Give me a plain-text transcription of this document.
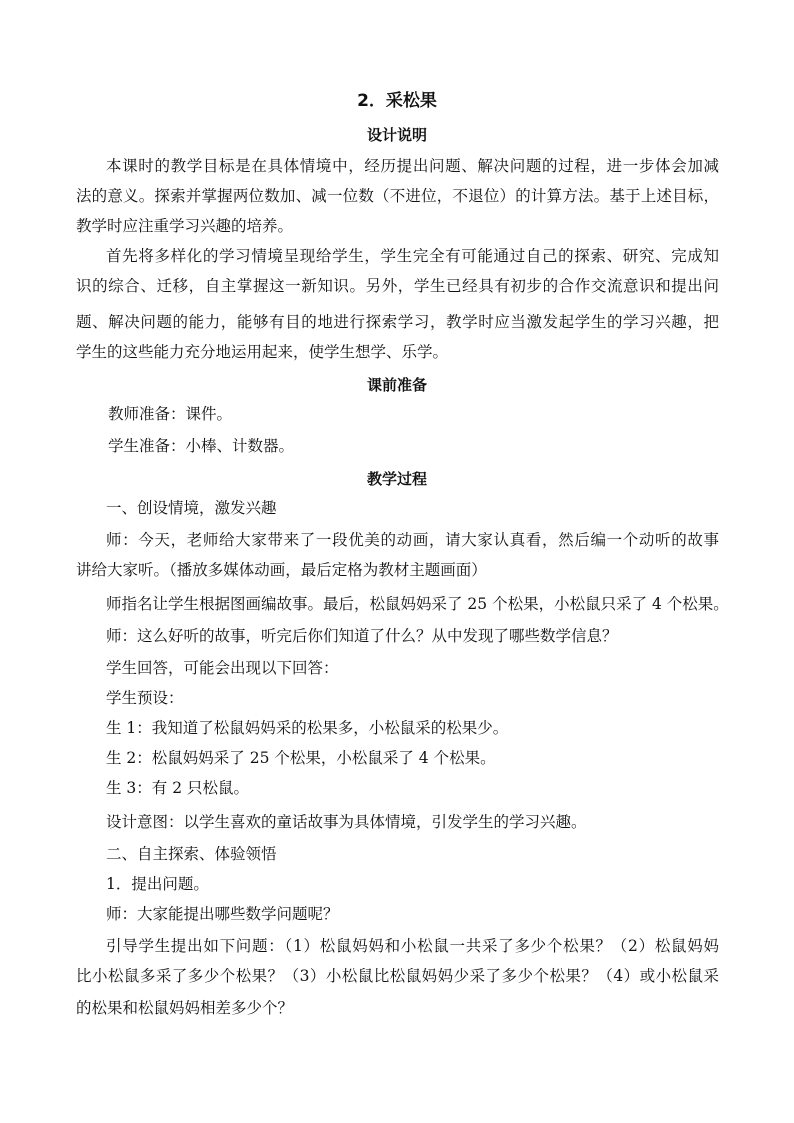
2．采松果
设计说明
本课时的教学目标是在具体情境中，经历提出问题、解决问题的过程，进一步体会加减
法的意义。探索并掌握两位数加、减一位数（不进位，不退位）的计算方法。基于上述目标，
教学时应注重学习兴趣的培养。
首先将多样化的学习情境呈现给学生，学生完全有可能通过自己的探索、研究、完成知
识的综合、迁移，自主掌握这一新知识。另外，学生已经具有初步的合作交流意识和提出问
题、解决问题的能力，能够有目的地进行探索学习，教学时应当激发起学生的学习兴趣，把
学生的这些能力充分地运用起来，使学生想学、乐学。
课前准备
教师准备：课件。
学生准备：小棒、计数器。
教学过程
一、创设情境，激发兴趣
师：今天，老师给大家带来了一段优美的动画，请大家认真看，然后编一个动听的故事
讲给大家听。（播放多媒体动画，最后定格为教材主题画面）
师指名让学生根据图画编故事。最后，松鼠妈妈采了 25 个松果，小松鼠只采了 4 个松果。
师：这么好听的故事，听完后你们知道了什么？从中发现了哪些数学信息？
学生回答，可能会出现以下回答：
学生预设：
生 1：我知道了松鼠妈妈采的松果多，小松鼠采的松果少。
生 2：松鼠妈妈采了 25 个松果，小松鼠采了 4 个松果。
生 3：有 2 只松鼠。
设计意图：以学生喜欢的童话故事为具体情境，引发学生的学习兴趣。
二、自主探索、体验领悟
1．提出问题。
师：大家能提出哪些数学问题呢？
引导学生提出如下问题：（1）松鼠妈妈和小松鼠一共采了多少个松果？（2）松鼠妈妈
比小松鼠多采了多少个松果？（3）小松鼠比松鼠妈妈少采了多少个松果？（4）或小松鼠采
的松果和松鼠妈妈相差多少个？
